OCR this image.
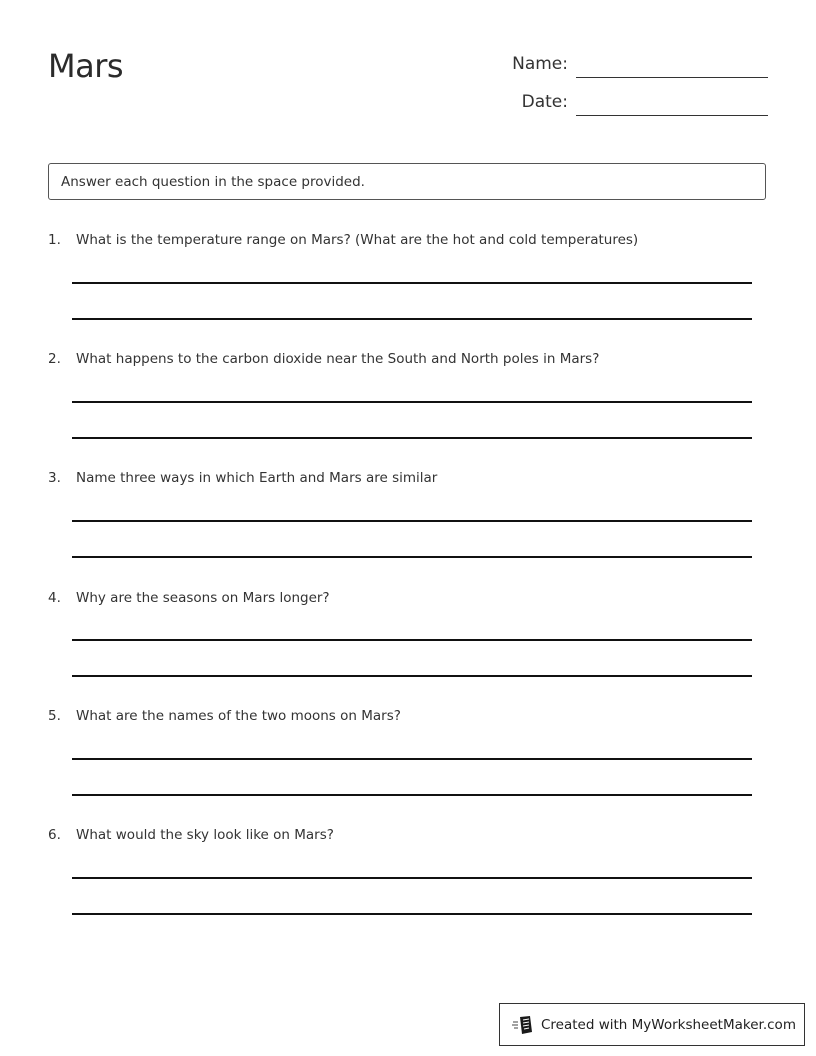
Mars	Name:
Date:
Answer each question in the space provided.
1. What is the temperature range on Mars? (What are the hot and cold temperatures)
2. What happens to the carbon dioxide near the South and North poles in Mars?
3. Name three ways in which Earth and Mars are similar
4. Why are the seasons on Mars longer?
5. What are the names of the two moons on Mars?
6. What would the sky look like on Mars?
Created with MyWorksheetMaker.com
